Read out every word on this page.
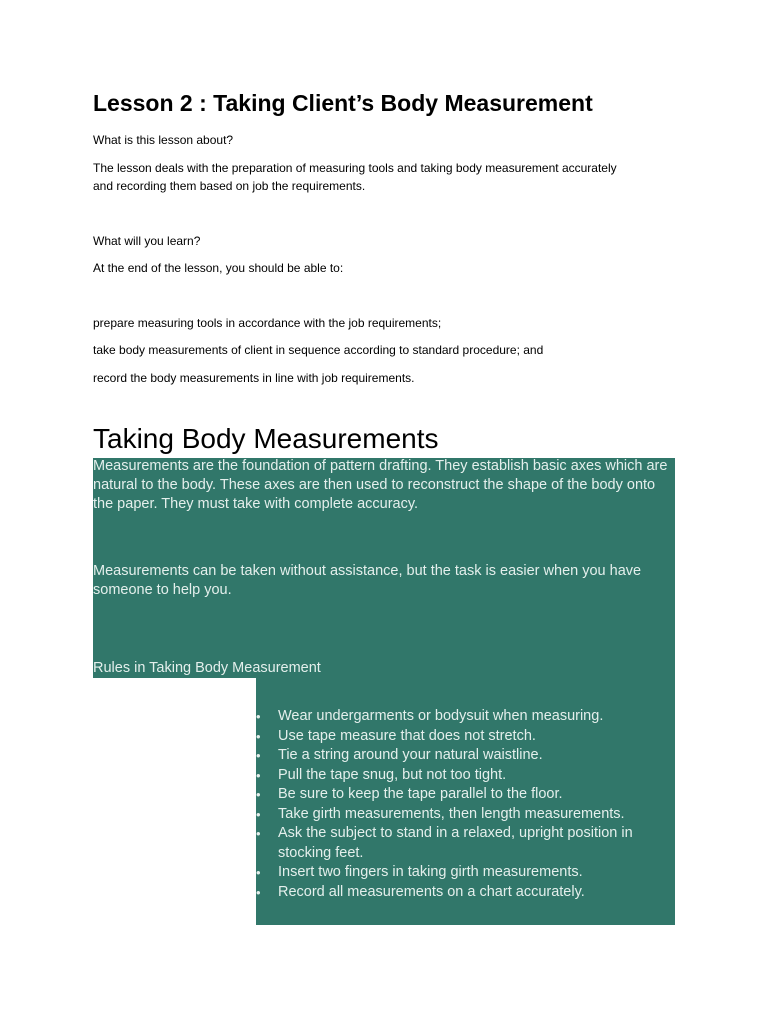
Lesson 2 : Taking Client’s Body Measurement
What is this lesson about?
The lesson deals with the preparation of measuring tools and taking body measurement accurately
and recording them based on job the requirements.
What will you learn?
At the end of the lesson, you should be able to:
prepare measuring tools in accordance with the job requirements;
take body measurements of client in sequence according to standard procedure; and
record the body measurements in line with job requirements.
Taking Body Measurements
Measurements are the foundation of pattern drafting. They establish basic axes which are natural to the body. These axes are then used to reconstruct the shape of the body onto the paper. They must take with complete accuracy.
Measurements can be taken without assistance, but the task is easier when you have someone to help you.
Rules in Taking Body Measurement
•	Wear undergarments or bodysuit when measuring.
•	Use tape measure that does not stretch.
•	Tie a string around your natural waistline.
•	Pull the tape snug, but not too tight.
•	Be sure to keep the tape parallel to the floor.
•	Take girth measurements, then length measurements.
•	Ask the subject to stand in a relaxed, upright position in stocking feet.
•	Insert two fingers in taking girth measurements.
•	Record all measurements on a chart accurately.
